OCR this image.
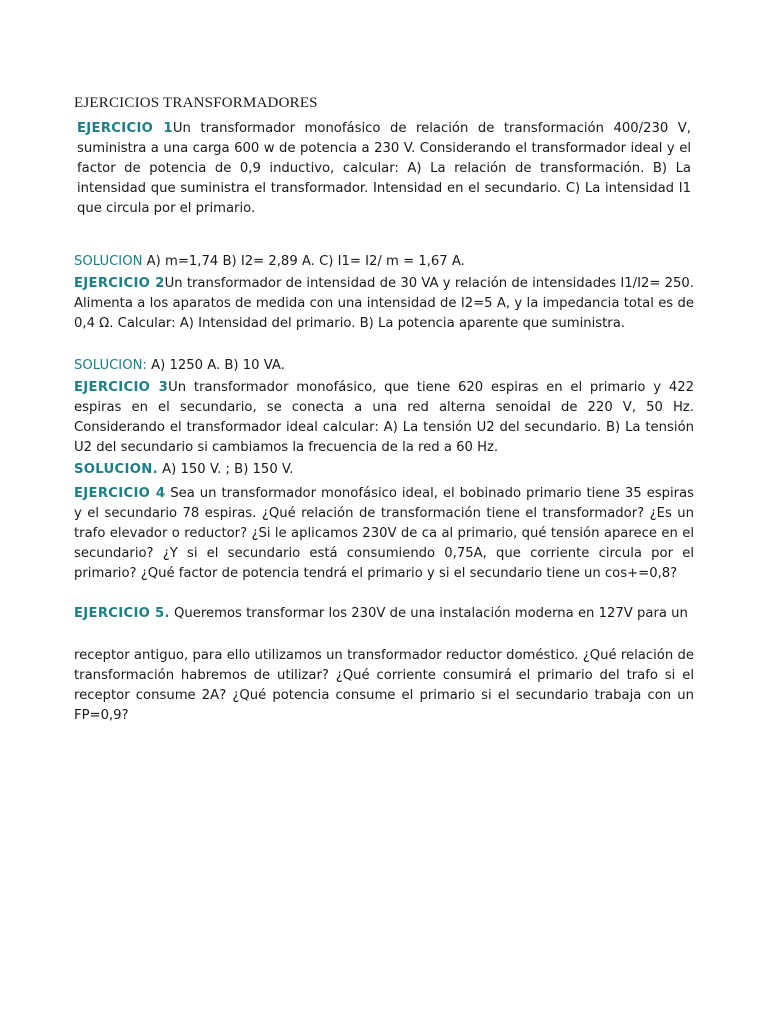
EJERCICIOS TRANSFORMADORES
EJERCICIO 1Un transformador monofásico de relación de transformación 400/230 V, suministra a una carga 600 w de potencia a 230 V. Considerando el transformador ideal y el factor de potencia de 0,9 inductivo, calcular: A) La relación de transformación. B) La intensidad que suministra el transformador. Intensidad en el secundario. C) La intensidad I1 que circula por el primario.
SOLUCION A) m=1,74 B) I2= 2,89 A. C) I1= I2/ m = 1,67 A.
EJERCICIO 2Un transformador de intensidad de 30 VA y relación de intensidades I1/I2= 250. Alimenta a los aparatos de medida con una intensidad de I2=5 A, y la impedancia total es de 0,4 Ω. Calcular: A) Intensidad del primario. B) La potencia aparente que suministra.
SOLUCION: A) 1250 A. B) 10 VA.
EJERCICIO 3Un transformador monofásico, que tiene 620 espiras en el primario y 422 espiras en el secundario, se conecta a una red alterna senoidal de 220 V, 50 Hz. Considerando el transformador ideal calcular: A) La tensión U2 del secundario. B) La tensión U2 del secundario si cambiamos la frecuencia de la red a 60 Hz.
SOLUCION. A) 150 V. ; B) 150 V.
EJERCICIO 4 Sea un transformador monofásico ideal, el bobinado primario tiene 35 espiras y el secundario 78 espiras. ¿Qué relación de transformación tiene el transformador? ¿Es un trafo elevador o reductor? ¿Si le aplicamos 230V de ca al primario, qué tensión aparece en el secundario? ¿Y si el secundario está consumiendo 0,75A, que corriente circula por el primario? ¿Qué factor de potencia tendrá el primario y si el secundario tiene un cos+=0,8?
EJERCICIO 5. Queremos transformar los 230V de una instalación moderna en 127V para un
receptor antiguo, para ello utilizamos un transformador reductor doméstico. ¿Qué relación de transformación habremos de utilizar? ¿Qué corriente consumirá el primario del trafo si el receptor consume 2A? ¿Qué potencia consume el primario si el secundario trabaja con un FP=0,9?
